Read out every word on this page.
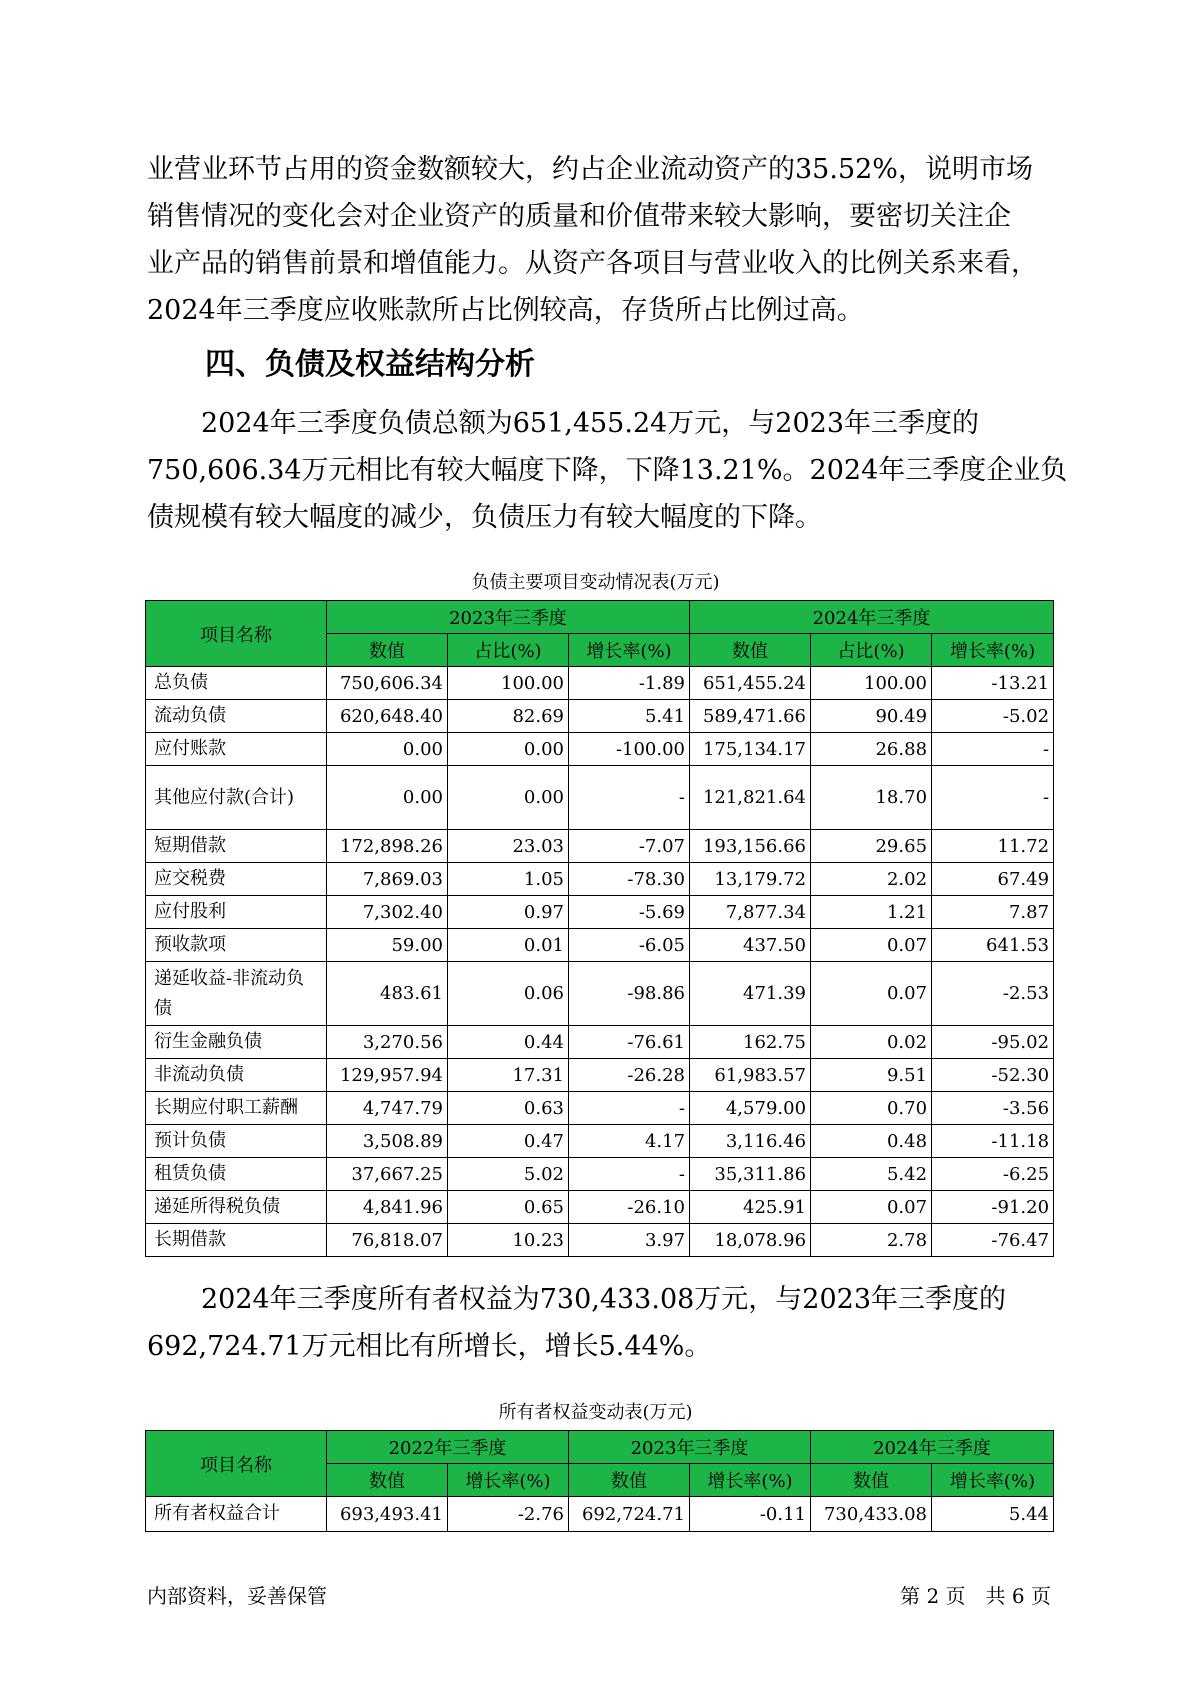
业营业环节占用的资金数额较大，约占企业流动资产的35.52%，说明市场
销售情况的变化会对企业资产的质量和价值带来较大影响，要密切关注企
业产品的销售前景和增值能力。从资产各项目与营业收入的比例关系来看，
2024年三季度应收账款所占比例较高，存货所占比例过高。

四、负债及权益结构分析

　　2024年三季度负债总额为651,455.24万元，与2023年三季度的
750,606.34万元相比有较大幅度下降，下降13.21%。2024年三季度企业负
债规模有较大幅度的减少，负债压力有较大幅度的下降。

负债主要项目变动情况表(万元)
项目名称	2023年三季度			2024年三季度		
	数值	占比(%)	增长率(%)	数值	占比(%)	增长率(%)
总负债	750,606.34	100.00	-1.89	651,455.24	100.00	-13.21
流动负债	620,648.40	82.69	5.41	589,471.66	90.49	-5.02
应付账款	0.00	0.00	-100.00	175,134.17	26.88	-
其他应付款(合计)	0.00	0.00	-	121,821.64	18.70	-
短期借款	172,898.26	23.03	-7.07	193,156.66	29.65	11.72
应交税费	7,869.03	1.05	-78.30	13,179.72	2.02	67.49
应付股利	7,302.40	0.97	-5.69	7,877.34	1.21	7.87
预收款项	59.00	0.01	-6.05	437.50	0.07	641.53
递延收益-非流动负债	483.61	0.06	-98.86	471.39	0.07	-2.53
衍生金融负债	3,270.56	0.44	-76.61	162.75	0.02	-95.02
非流动负债	129,957.94	17.31	-26.28	61,983.57	9.51	-52.30
长期应付职工薪酬	4,747.79	0.63	-	4,579.00	0.70	-3.56
预计负债	3,508.89	0.47	4.17	3,116.46	0.48	-11.18
租赁负债	37,667.25	5.02	-	35,311.86	5.42	-6.25
递延所得税负债	4,841.96	0.65	-26.10	425.91	0.07	-91.20
长期借款	76,818.07	10.23	3.97	18,078.96	2.78	-76.47

　　2024年三季度所有者权益为730,433.08万元，与2023年三季度的
692,724.71万元相比有所增长，增长5.44%。

所有者权益变动表(万元)
项目名称	2022年三季度		2023年三季度		2024年三季度	
	数值	增长率(%)	数值	增长率(%)	数值	增长率(%)
所有者权益合计	693,493.41	-2.76	692,724.71	-0.11	730,433.08	5.44
内部资料，妥善保管	第 2 页　共 6 页
